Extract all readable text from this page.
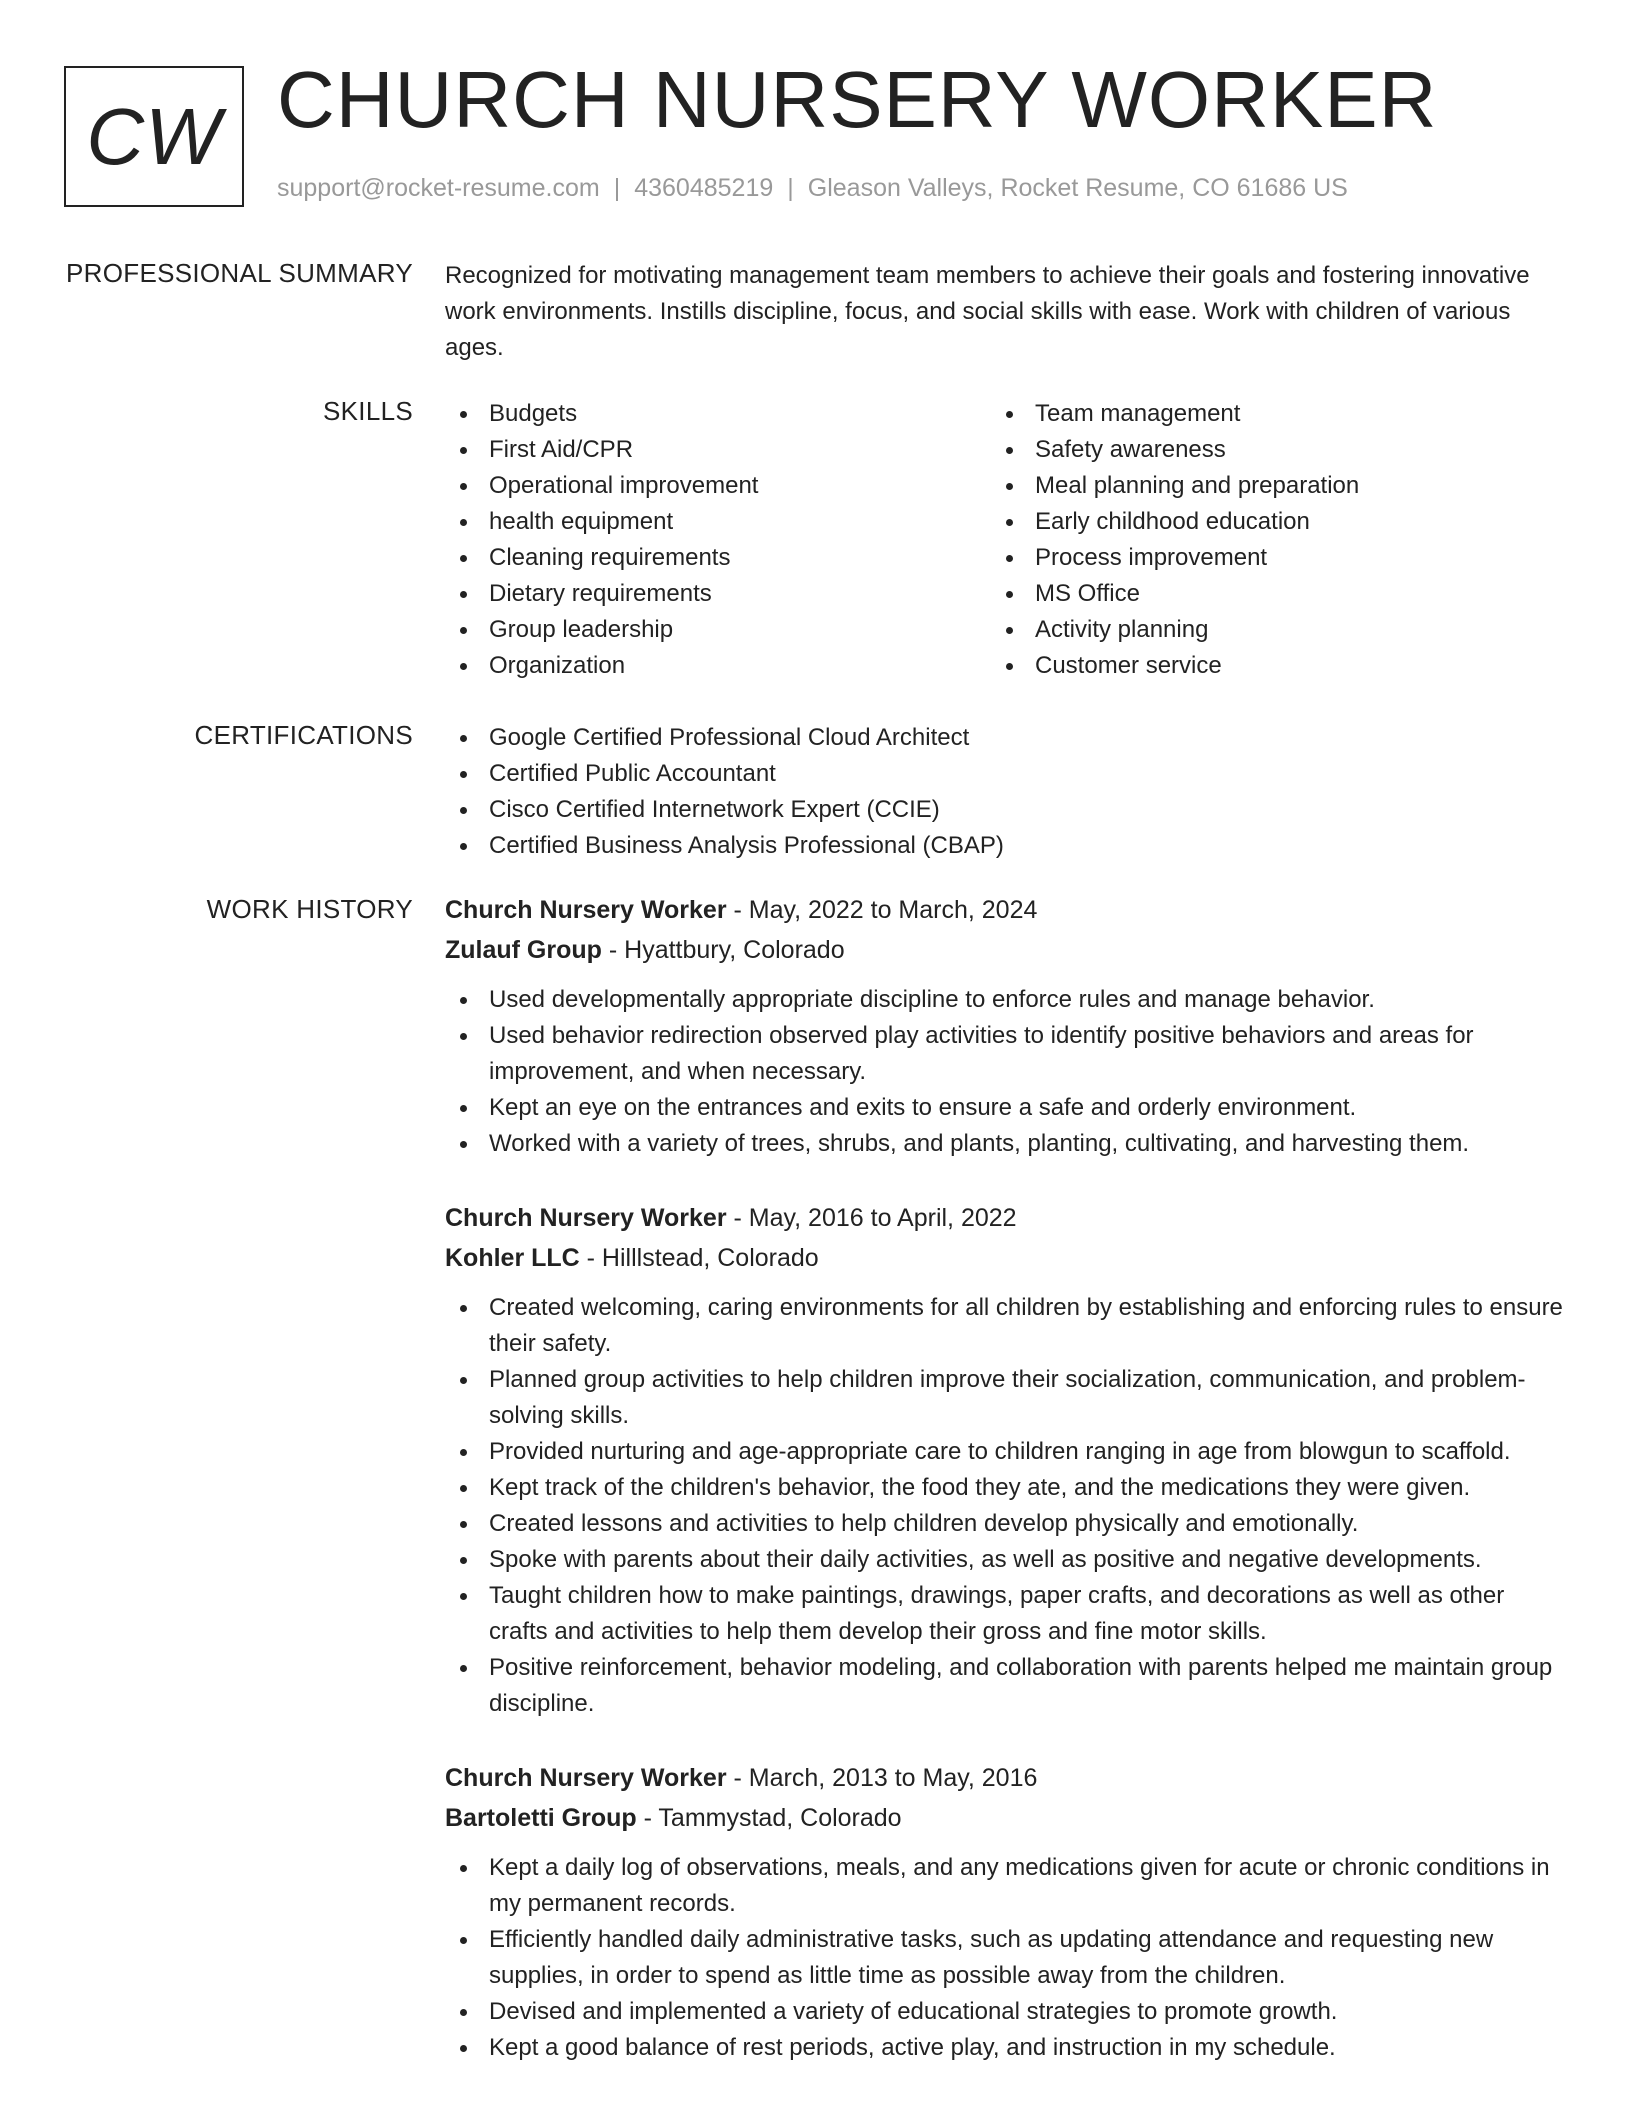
CW CHURCH NURSERY WORKER
support@rocket-resume.com | 4360485219 | Gleason Valleys, Rocket Resume, CO 61686 US
PROFESSIONAL SUMMARY Recognized for motivating management team members to achieve their goals and fostering innovative work environments. Instills discipline, focus, and social skills with ease. Work with children of various ages.

SKILLS	Budgets
First Aid/CPR
Operational improvement
health equipment
Cleaning requirements
Dietary requirements
Group leadership
Organization
Team management
Safety awareness
Meal planning and preparation
Early childhood education
Process improvement
MS Office
Activity planning
Customer service
CERTIFICATIONS	Google Certified Professional Cloud Architect
Certified Public Accountant
Cisco Certified Internetwork Expert (CCIE)
Certified Business Analysis Professional (CBAP)
WORK HISTORY Church Nursery Worker - May, 2022 to March, 2024
Zulauf Group - Hyattbury, Colorado
Used developmentally appropriate discipline to enforce rules and manage behavior.
Used behavior redirection observed play activities to identify positive behaviors and areas for improvement, and when necessary.
Kept an eye on the entrances and exits to ensure a safe and orderly environment.
Worked with a variety of trees, shrubs, and plants, planting, cultivating, and harvesting them.
Church Nursery Worker - May, 2016 to April, 2022
Kohler LLC - Hilllstead, Colorado
Created welcoming, caring environments for all children by establishing and enforcing rules to ensure their safety.
Planned group activities to help children improve their socialization, communication, and problem-solving skills.
Provided nurturing and age-appropriate care to children ranging in age from blowgun to scaffold.
Kept track of the children's behavior, the food they ate, and the medications they were given.
Created lessons and activities to help children develop physically and emotionally.
Spoke with parents about their daily activities, as well as positive and negative developments.
Taught children how to make paintings, drawings, paper crafts, and decorations as well as other crafts and activities to help them develop their gross and fine motor skills.
Positive reinforcement, behavior modeling, and collaboration with parents helped me maintain group discipline.
Church Nursery Worker - March, 2013 to May, 2016
Bartoletti Group - Tammystad, Colorado
Kept a daily log of observations, meals, and any medications given for acute or chronic conditions in my permanent records.
Efficiently handled daily administrative tasks, such as updating attendance and requesting new supplies, in order to spend as little time as possible away from the children.
Devised and implemented a variety of educational strategies to promote growth.
Kept a good balance of rest periods, active play, and instruction in my schedule.
